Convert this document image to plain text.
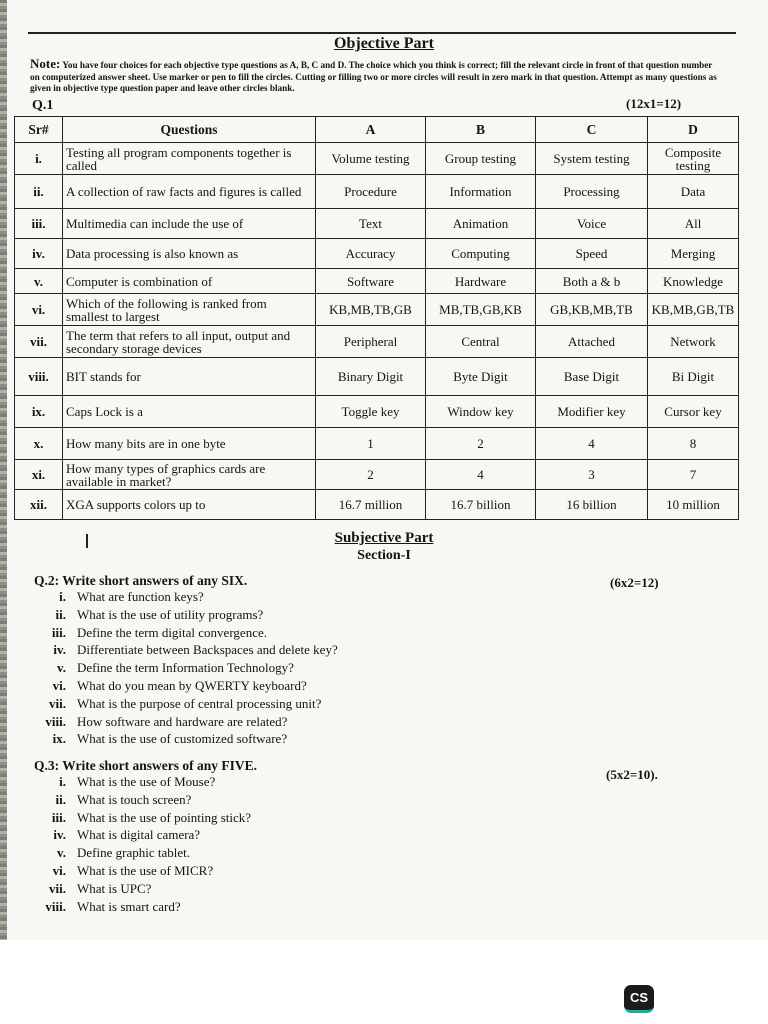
Objective Part
Note: You have four choices for each objective type questions as A, B, C and D. The choice which you think is correct; fill the relevant circle in front of that question number on computerized answer sheet. Use marker or pen to fill the circles. Cutting or filling two or more circles will result in zero mark in that question. Attempt as many questions as given in objective type question paper and leave other circles blank.
Q.1	(12x1=12)
Sr#	Questions	A	B	C	D
i.	Testing all program components together is called	Volume testing	Group testing	System testing	Composite testing
ii.	A collection of raw facts and figures is called	Procedure	Information	Processing	Data
iii.	Multimedia can include the use of	Text	Animation	Voice	All
iv.	Data processing is also known as	Accuracy	Computing	Speed	Merging
v.	Computer is combination of	Software	Hardware	Both a & b	Knowledge
vi.	Which of the following is ranked from smallest to largest	KB,MB,TB,GB	MB,TB,GB,KB	GB,KB,MB,TB	KB,MB,GB,TB
vii.	The term that refers to all input, output and secondary storage devices	Peripheral	Central	Attached	Network
viii.	BIT stands for	Binary Digit	Byte Digit	Base Digit	Bi Digit
ix.	Caps Lock is a	Toggle key	Window key	Modifier key	Cursor key
x.	How many bits are in one byte	1	2	4	8
xi.	How many types of graphics cards are available in market?	2	4	3	7
xii.	XGA supports colors up to	16.7 million	16.7 billion	16 billion	10 million
Subjective Part
Section-I
Q.2: Write short answers of any SIX.	(6x2=12)
i. What are function keys?
ii. What is the use of utility programs?
iii. Define the term digital convergence.
iv. Differentiate between Backspaces and delete key?
v. Define the term Information Technology?
vi. What do you mean by QWERTY keyboard?
vii. What is the purpose of central processing unit?
viii. How software and hardware are related?
ix. What is the use of customized software?
Q.3: Write short answers of any FIVE.
(5x2=10).
i. What is the use of Mouse?
ii. What is touch screen?
iii. What is the use of pointing stick?
iv. What is digital camera?
v. Define graphic tablet.
vi. What is the use of MICR?
vii. What is UPC?
viii. What is smart card?
CS
